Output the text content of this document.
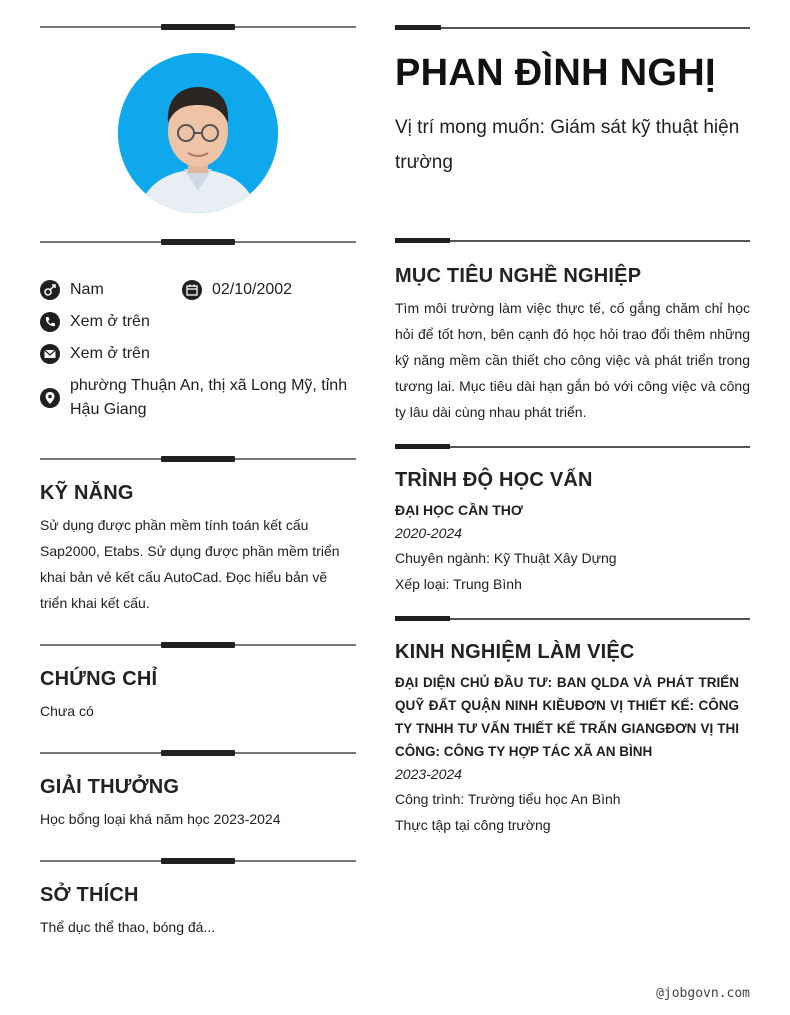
Nam	02/10/2002
Xem ở trên
Xem ở trên
phường Thuận An, thị xã Long Mỹ, tỉnh Hậu Giang
KỸ NĂNG
Sử dụng được phần mềm tính toán kết cấu Sap2000, Etabs. Sử dụng được phần mềm triển khai bản vẻ kết cấu AutoCad. Đọc hiểu bản vẽ triển khai kết cấu.
CHỨNG CHỈ
Chưa có
GIẢI THƯỞNG
Học bổng loại khá năm học 2023-2024
SỞ THÍCH
Thể dục thể thao, bóng đá...
PHAN ĐÌNH NGHỊ
Vị trí mong muốn: Giám sát kỹ thuật hiện trường
MỤC TIÊU NGHỀ NGHIỆP
Tìm môi trường làm việc thực tế, cố gắng chăm chỉ học hỏi để tốt hơn, bên cạnh đó học hỏi trao đổi thêm những kỹ năng mềm cần thiết cho công việc và phát triển trong tương lai. Mục tiêu dài hạn gắn bó với công việc và công ty lâu dài cùng nhau phát triển.
TRÌNH ĐỘ HỌC VẤN
ĐẠI HỌC CẦN THƠ
2020-2024
Chuyên ngành: Kỹ Thuật Xây Dựng
Xếp loại: Trung Bình
KINH NGHIỆM LÀM VIỆC
ĐẠI DIỆN CHỦ ĐẦU TƯ: BAN QLDA VÀ PHÁT TRIỂN QUỸ ĐẤT QUẬN NINH KIỀUĐƠN VỊ THIẾT KẾ: CÔNG TY TNHH TƯ VẤN THIẾT KẾ TRẤN GIANGĐƠN VỊ THI CÔNG: CÔNG TY HỢP TÁC XÃ AN BÌNH
2023-2024
Công trình: Trường tiểu học An Bình
Thực tập tại công trường
@jobgovn.com
